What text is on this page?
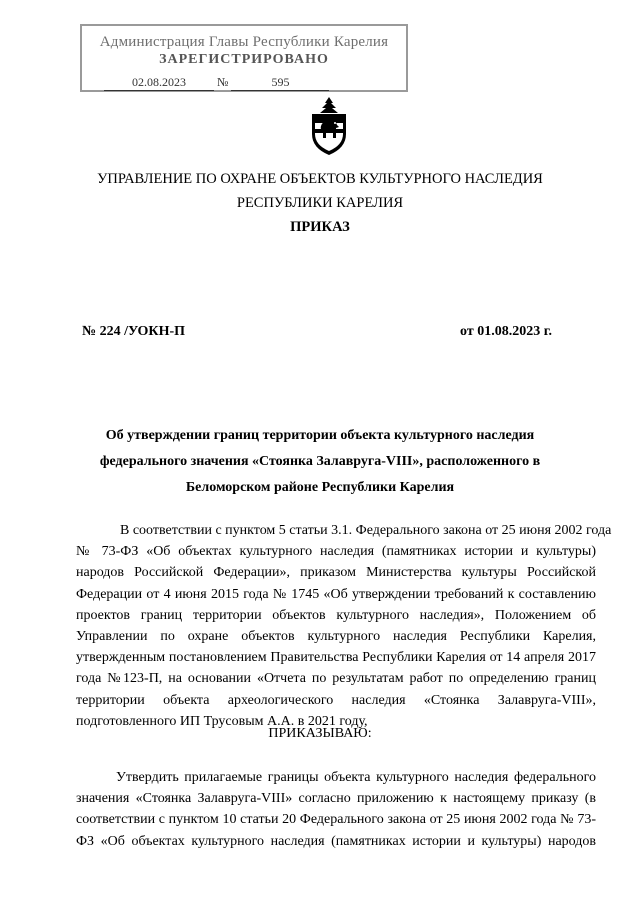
Администрация Главы Республики Карелия
ЗАРЕГИСТРИРОВАНО
02.08.2023	№	595
УПРАВЛЕНИЕ ПО ОХРАНЕ ОБЪЕКТОВ КУЛЬТУРНОГО НАСЛЕДИЯ
РЕСПУБЛИКИ КАРЕЛИЯ
ПРИКАЗ
№ 224 /УОКН-П	от 01.08.2023 г.
Об утверждении границ территории объекта культурного наследия
федерального значения «Стоянка Залавруга-VIII», расположенного в
Беломорском районе Республики Карелия
В соответствии с пунктом 5 статьи 3.1. Федерального закона от 25 июня 2002 года
№ 73-ФЗ «Об объектах культурного наследия (памятниках истории и культуры)
народов Российской Федерации», приказом Министерства культуры Российской
Федерации от 4 июня 2015 года № 1745 «Об утверждении требований к составлению
проектов границ территории объектов культурного наследия», Положением об
Управлении по охране объектов культурного наследия Республики Карелия,
утвержденным постановлением Правительства Республики Карелия от 14 апреля 2017
года №123-П, на основании «Отчета по результатам работ по определению границ
территории объекта археологического наследия «Стоянка Залавруга-VIII»,
подготовленного ИП Трусовым А.А. в 2021 году,
ПРИКАЗЫВАЮ:
Утвердить прилагаемые границы объекта культурного наследия федерального
значения «Стоянка Залавруга-VIII» согласно приложению к настоящему приказу (в
соответствии с пунктом 10 статьи 20 Федерального закона от 25 июня 2002 года № 73-
ФЗ «Об объектах культурного наследия (памятниках истории и культуры) народов
